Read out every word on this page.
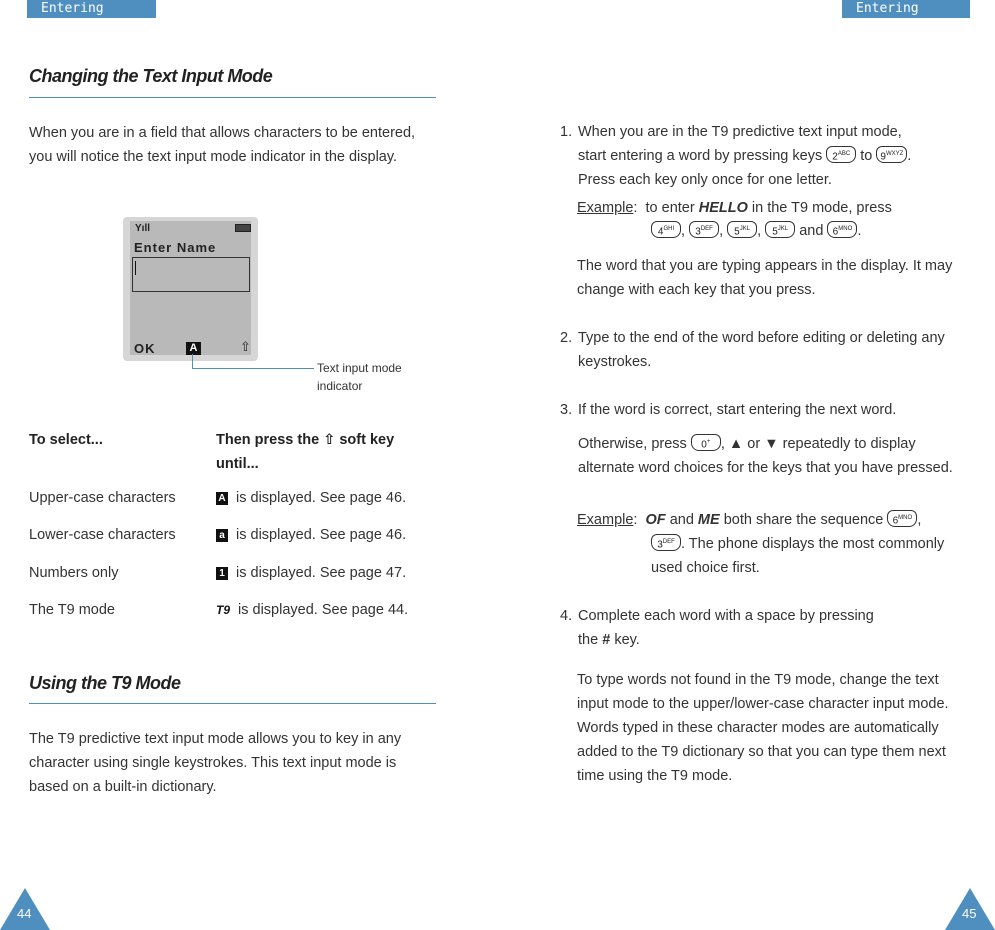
Entering Text
Entering Text
Changing the Text Input Mode
When you are in a field that allows characters to be entered, you will notice the text input mode indicator in the display.
Yıll
Enter Name
OK	A	⇧
Text input mode indicator
To select...	Then press the ⇧ soft key until...
Upper-case characters	A is displayed. See page 46.
Lower-case characters	a is displayed. See page 46.
Numbers only	1 is displayed. See page 47.
The T9 mode	T9 is displayed. See page 44.
Using the T9 Mode
The T9 predictive text input mode allows you to key in any character using single keystrokes. This text input mode is based on a built-in dictionary.
1. When you are in the T9 predictive text input mode,
start entering a word by pressing keys $2^{ABC}$ to $9^{WXYZ}$ .
Press each key only once for one letter.
Example:  to enter HELLO in the T9 mode, press
$4^{GHI}$ , $3^{DEF}$ , $5^{JKL}$ , $5^{JKL}$ and $6^{MNO}$ .
The word that you are typing appears in the display. It may change with each key that you press.
2. Type to the end of the word before editing or deleting any keystrokes.
3. If the word is correct, start entering the next word.
Otherwise, press 0+ , ▲ or ▼ repeatedly to display alternate word choices for the keys that you have pressed.
Example:  OF and ME both share the sequence $6^{MNO}$ ,
$3^{DEF}$ . The phone displays the most commonly used choice first.
4. Complete each word with a space by pressing
the # key.
To type words not found in the T9 mode, change the text input mode to the upper/lower-case character input mode. Words typed in these character modes are automatically added to the T9 dictionary so that you can type them next time using the T9 mode.
44	45
